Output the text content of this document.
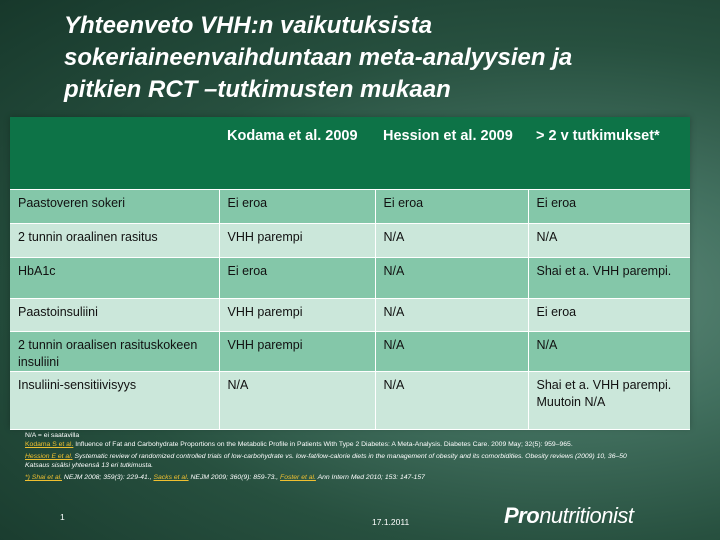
Yhteenveto VHH:n vaikutuksista
sokeriaineenvaihduntaan meta-analyysien ja
pitkien RCT –tutkimusten mukaan
	Kodama et al. 2009	Hession et al. 2009	> 2 v tutkimukset*
Paastoveren sokeri	Ei eroa	Ei eroa	Ei eroa
2 tunnin oraalinen rasitus	VHH parempi	N/A	N/A
HbA1c	Ei eroa	N/A	Shai et a. VHH parempi.
Paastoinsuliini	VHH parempi	N/A	Ei eroa
2 tunnin oraalisen rasituskokeen insuliini	VHH parempi	N/A	N/A
Insuliini-sensitiivisyys	N/A	N/A	Shai et a. VHH parempi. Muutoin N/A
N/A = ei saatavilla
Kodama S et al. Influence of Fat and Carbohydrate Proportions on the Metabolic Profile in Patients With Type 2 Diabetes: A Meta-Analysis. Diabetes Care. 2009 May; 32(5): 959–965.
Hession E et al. Systematic review of randomized controlled trials of low-carbohydrate vs. low-fat/low-calorie diets in the management of obesity and its comorbidities. Obesity reviews (2009) 10, 36–50
Katsaus sisälsi yhteensä 13 eri tutkimusta.
*) Shai et al. NEJM 2008; 359(3): 229-41., Sacks et al. NEJM 2009; 360(9): 859-73., Foster et al. Ann Intern Med 2010; 153: 147-157
1	17.1.2011	Pronutritionist
